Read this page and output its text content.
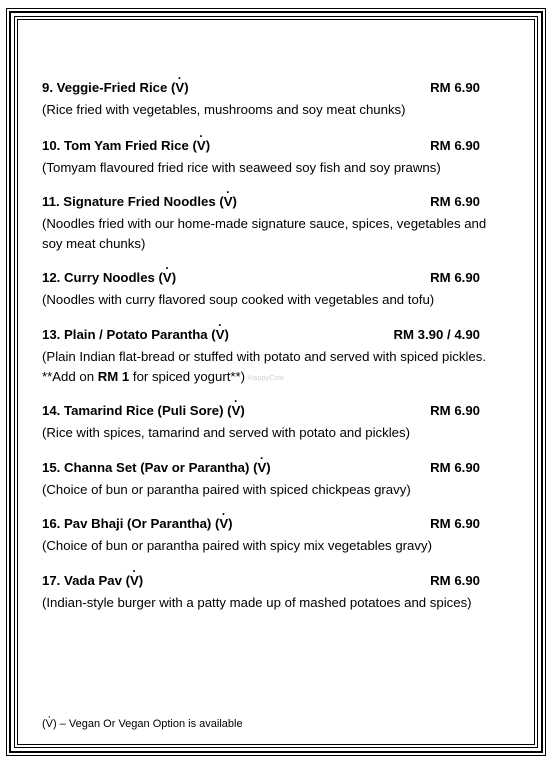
9. Veggie-Fried Rice (· V)	RM 6.90
(Rice fried with vegetables, mushrooms and soy meat chunks)
10. Tom Yam Fried Rice (· V)	RM 6.90
(Tomyam flavoured fried rice with seaweed soy fish and soy prawns)
11. Signature Fried Noodles (· V)	RM 6.90
(Noodles fried with our home-made signature sauce, spices, vegetables and soy meat chunks)
12. Curry Noodles (· V)	RM 6.90
(Noodles with curry flavored soup cooked with vegetables and tofu)
13. Plain / Potato Parantha (· V)	RM 3.90 / 4.90
(Plain Indian flat-bread or stuffed with potato and served with spiced pickles. **Add on RM 1 for spiced yogurt**)
14. Tamarind Rice (Puli Sore) (· V)	RM 6.90
(Rice with spices, tamarind and served with potato and pickles)
15. Channa Set (Pav or Parantha) (· V)	RM 6.90
(Choice of bun or parantha paired with spiced chickpeas gravy)
16. Pav Bhaji (Or Parantha) (· V)	RM 6.90
(Choice of bun or parantha paired with spicy mix vegetables gravy)
17. Vada Pav (· V)	RM 6.90
(Indian-style burger with a patty made up of mashed potatoes and spices)
HappyCow
(· V) – Vegan Or Vegan Option is available
